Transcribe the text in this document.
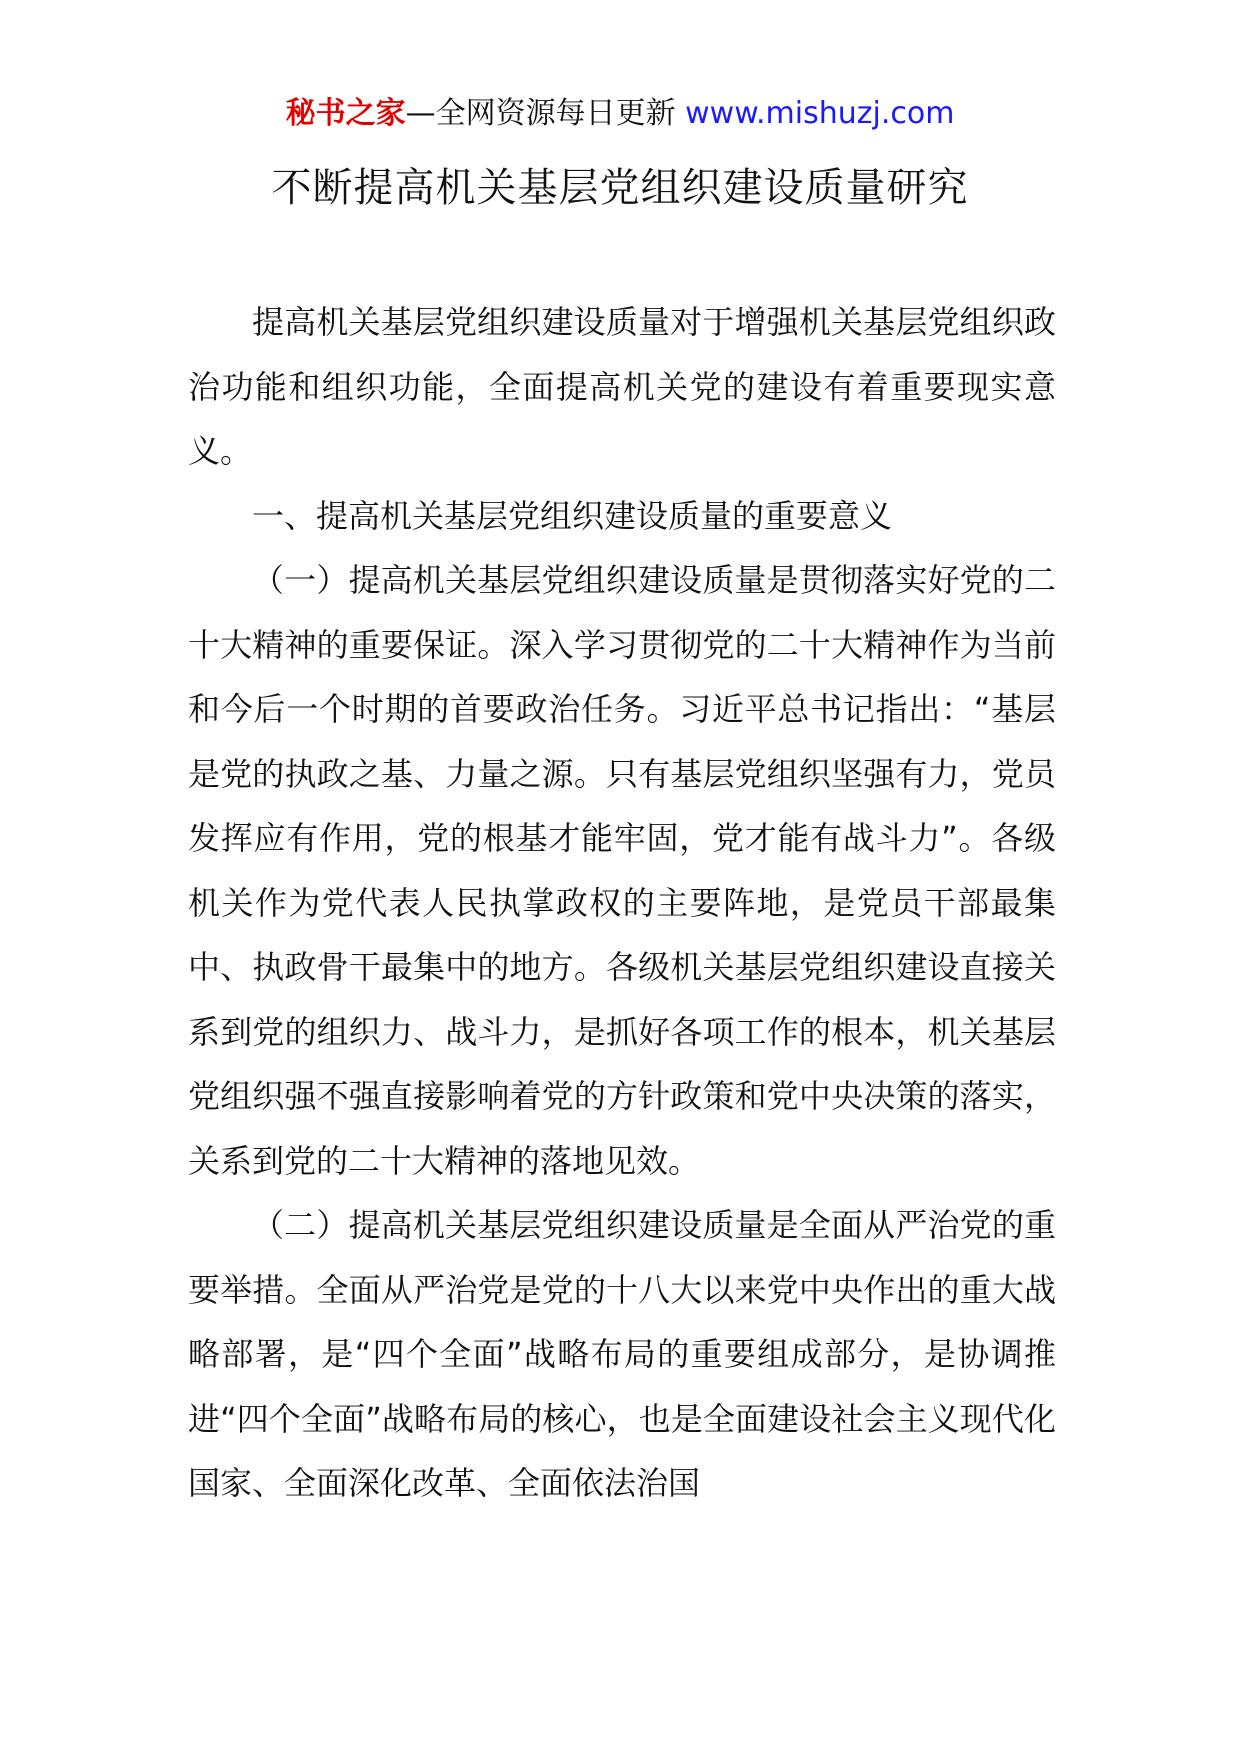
秘书之家—全网资源每日更新 www.mishuzj.com
不断提高机关基层党组织建设质量研究

提高机关基层党组织建设质量对于增强机关基层党组织政治功能和组织功能，全面提高机关党的建设有着重要现实意义。

一、提高机关基层党组织建设质量的重要意义

（一）提高机关基层党组织建设质量是贯彻落实好党的二十大精神的重要保证。深入学习贯彻党的二十大精神作为当前和今后一个时期的首要政治任务。习近平总书记指出：“基层是党的执政之基、力量之源。只有基层党组织坚强有力，党员发挥应有作用，党的根基才能牢固，党才能有战斗力”。各级机关作为党代表人民执掌政权的主要阵地，是党员干部最集中、执政骨干最集中的地方。各级机关基层党组织建设直接关系到党的组织力、战斗力，是抓好各项工作的根本，机关基层党组织强不强直接影响着党的方针政策和党中央决策的落实，关系到党的二十大精神的落地见效。

（二）提高机关基层党组织建设质量是全面从严治党的重要举措。全面从严治党是党的十八大以来党中央作出的重大战略部署，是“四个全面”战略布局的重要组成部分，是协调推进“四个全面”战略布局的核心，也是全面建设社会主义现代化国家、全面深化改革、全面依法治国
